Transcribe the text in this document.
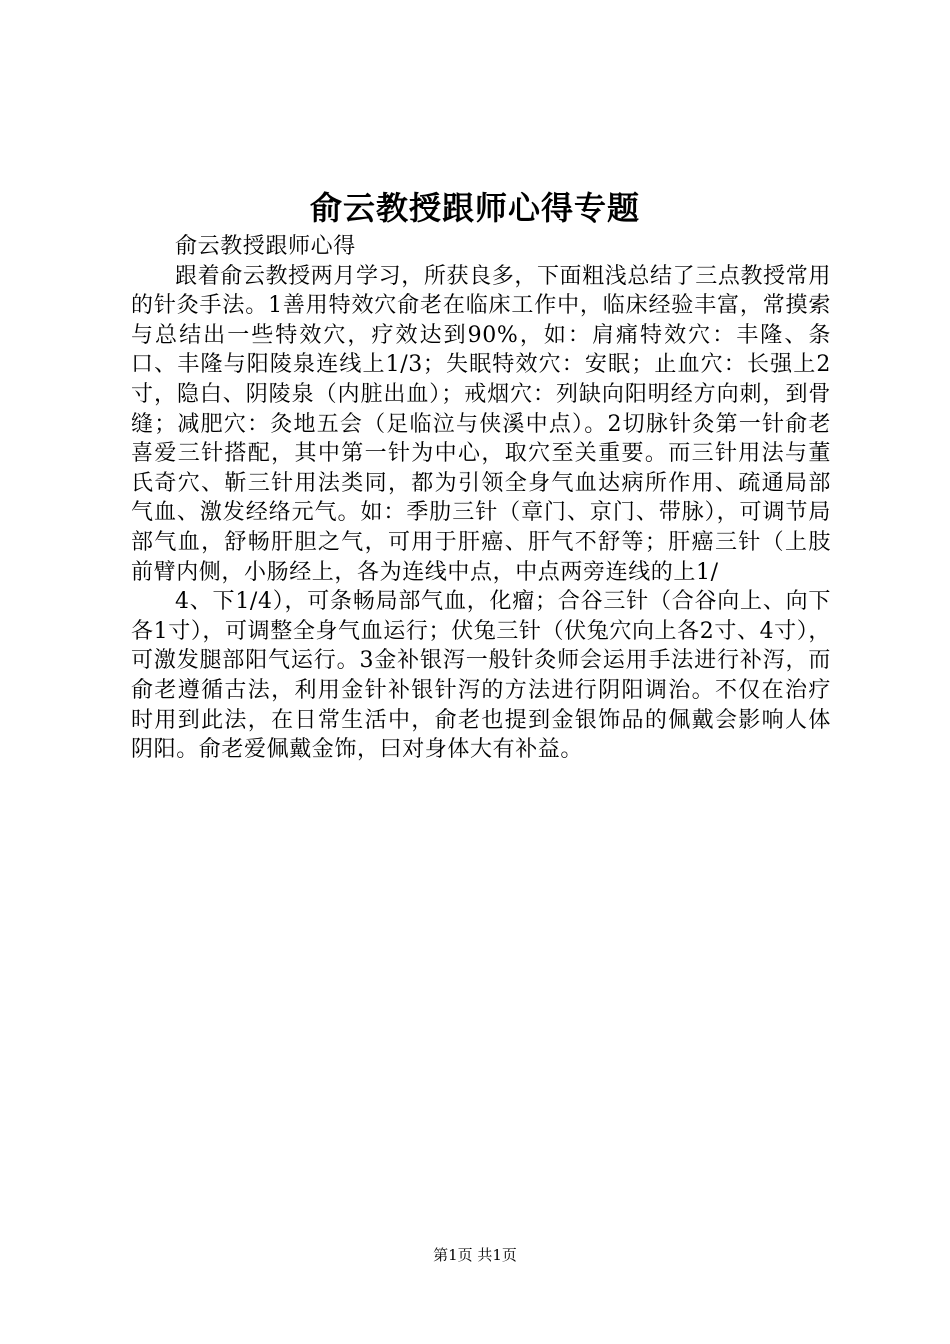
俞云教授跟师心得专题

俞云教授跟师心得

跟着俞云教授两月学习，所获良多，下面粗浅总结了三点教授常用的针灸手法。1善用特效穴俞老在临床工作中，临床经验丰富，常摸索与总结出一些特效穴，疗效达到90%，如：肩痛特效穴：丰隆、条口、丰隆与阳陵泉连线上1/3；失眠特效穴：安眠；止血穴：长强上2寸，隐白、阴陵泉（内脏出血）；戒烟穴：列缺向阳明经方向刺，到骨缝；减肥穴：灸地五会（足临泣与侠溪中点）。2切脉针灸第一针俞老喜爱三针搭配，其中第一针为中心，取穴至关重要。而三针用法与董氏奇穴、靳三针用法类同，都为引领全身气血达病所作用、疏通局部气血、激发经络元气。如：季肋三针（章门、京门、带脉），可调节局部气血，舒畅肝胆之气，可用于肝癌、肝气不舒等；肝癌三针（上肢前臂内侧，小肠经上，各为连线中点，中点两旁连线的上1/

4、下1/4），可条畅局部气血，化瘤；合谷三针（合谷向上、向下各1寸），可调整全身气血运行；伏兔三针（伏兔穴向上各2寸、4寸），可激发腿部阳气运行。3金补银泻一般针灸师会运用手法进行补泻，而俞老遵循古法，利用金针补银针泻的方法进行阴阳调治。不仅在治疗时用到此法，在日常生活中，俞老也提到金银饰品的佩戴会影响人体阴阳。俞老爱佩戴金饰，曰对身体大有补益。

第1页 共1页
